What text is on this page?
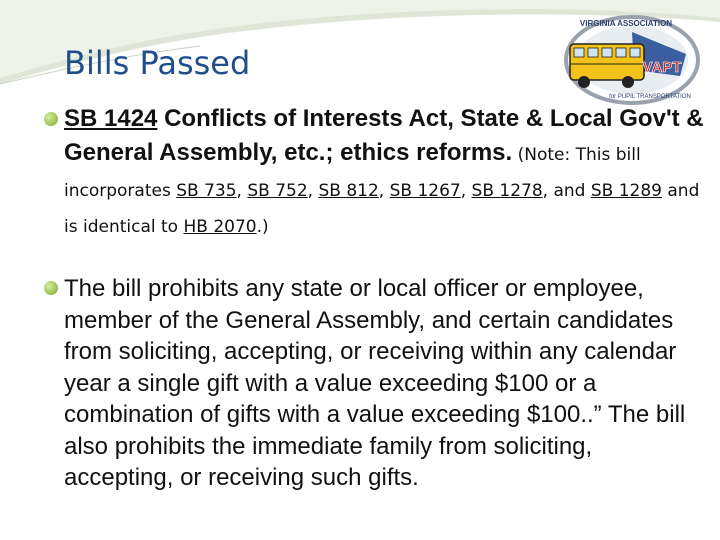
Bills Passed
VIRGINIA ASSOCIATION
VAPT
for PUPIL TRANSPORTATION
SB 1424 Conflicts of Interests Act, State & Local Gov't & General Assembly, etc.; ethics reforms. (Note: This bill incorporates SB 735, SB 752, SB 812, SB 1267, SB 1278, and SB 1289 and is identical to HB 2070.)
The bill prohibits any state or local officer or employee, member of the General Assembly, and certain candidates from soliciting, accepting, or receiving within any calendar year a single gift with a value exceeding $100 or a combination of gifts with a value exceeding $100..” The bill also prohibits the immediate family from soliciting, accepting, or receiving such gifts.
